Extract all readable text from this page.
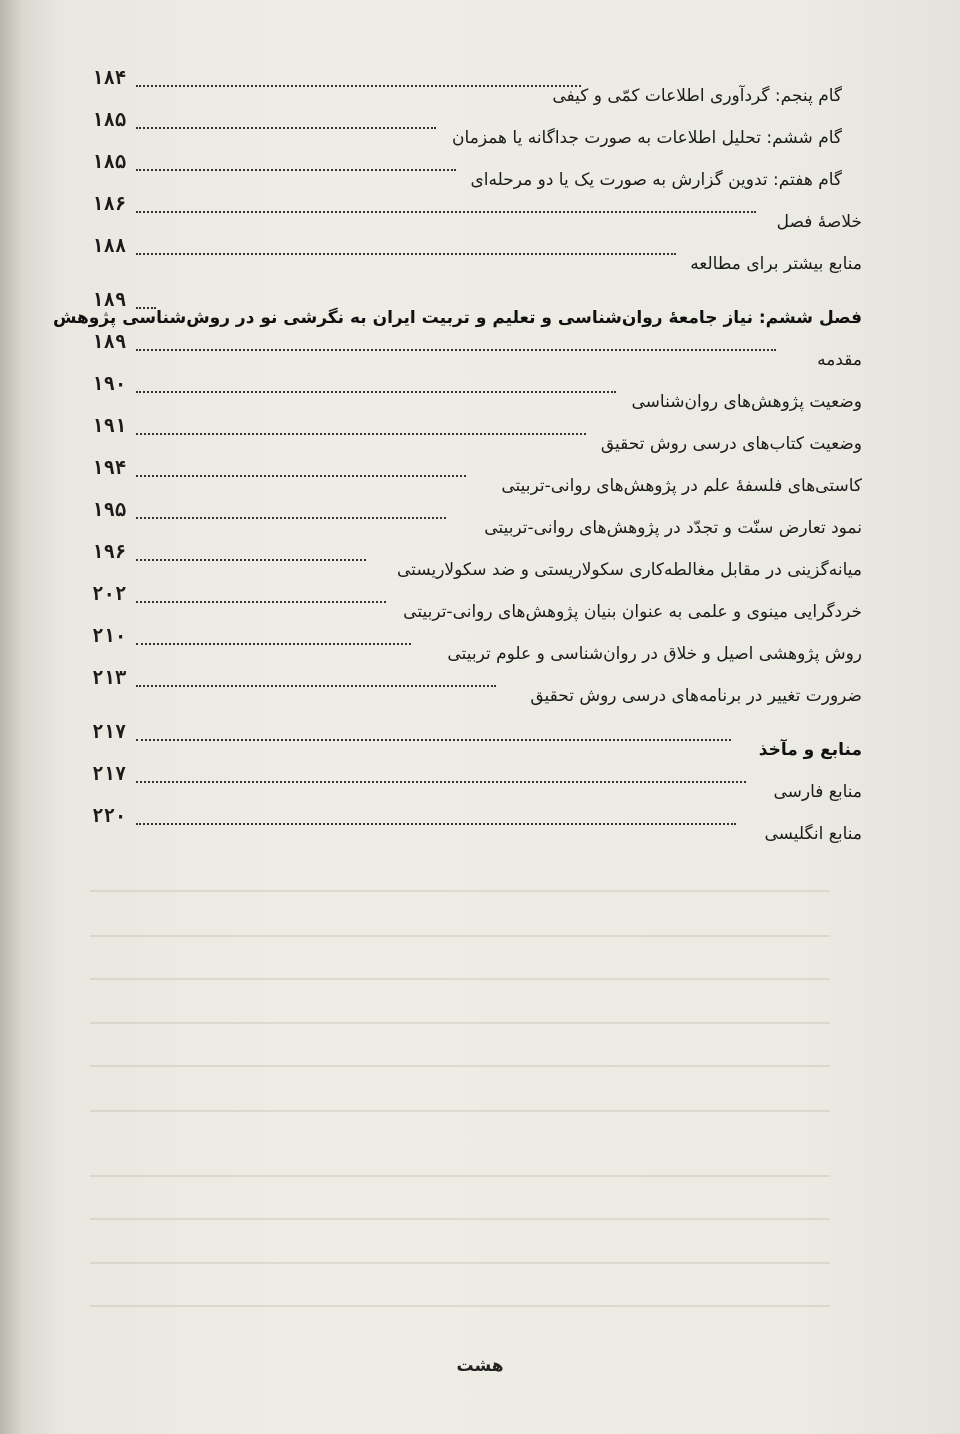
۱۸۴
گام پنجم: گردآوری اطلاعات کمّی و کیفی
۱۸۵
گام ششم: تحلیل اطلاعات به صورت جداگانه یا همزمان
۱۸۵
گام هفتم: تدوین گزارش به صورت یک یا دو مرحله‌ای
۱۸۶
خلاصهٔ فصل
۱۸۸
منابع بیشتر برای مطالعه
۱۸۹
فصل ششم: نیاز جامعهٔ روان‌شناسی و تعلیم و تربیت ایران به نگرشی نو در روش‌شناسی پژوهش
۱۸۹
مقدمه
۱۹۰
وضعیت پژوهش‌های روان‌شناسی
۱۹۱
وضعیت کتاب‌های درسی روش تحقیق
۱۹۴
کاستی‌های فلسفهٔ علم در پژوهش‌های روانی-تربیتی
۱۹۵
نمود تعارض سنّت و تجدّد در پژوهش‌های روانی-تربیتی
۱۹۶
میانه‌گزینی در مقابل مغالطه‌کاری سکولاریستی و ضد سکولاریستی
۲۰۲
خردگرایی مینوی و علمی به عنوان بنیان پژوهش‌های روانی-تربیتی
۲۱۰
روش پژوهشی اصیل و خلاق در روان‌شناسی و علوم تربیتی
۲۱۳
ضرورت تغییر در برنامه‌های درسی روش تحقیق
۲۱۷
منابع و مآخذ
۲۱۷
منابع فارسی
۲۲۰
منابع انگلیسی
هشت
